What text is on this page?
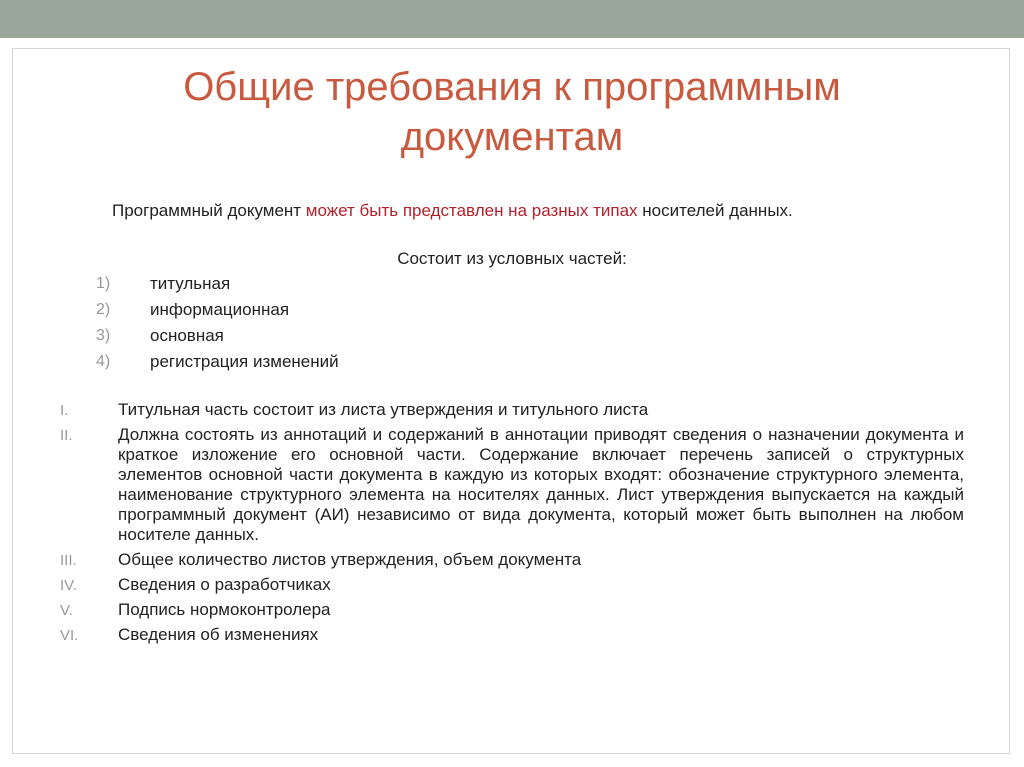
Общие требования к программным
документам
Программный документ может быть представлен на разных типах носителей данных.
Состоит из условных частей:
1) титульная
2) информационная
3) основная
4) регистрация изменений
I.	Титульная часть состоит из листа утверждения и титульного листа
II.	Должна состоять из аннотаций и содержаний в аннотации приводят сведения о назначении документа и краткое изложение его основной части. Содержание включает перечень записей о структурных элементов основной части документа в каждую из которых входят: обозначение структурного элемента, наименование структурного элемента на носителях данных. Лист утверждения выпускается на каждый программный документ (АИ) независимо от вида документа, который может быть выполнен на любом носителе данных.
III. Общее количество листов утверждения, объем документа
IV. Сведения о разработчиках
V.	Подпись нормоконтролера
VI. Сведения об изменениях
